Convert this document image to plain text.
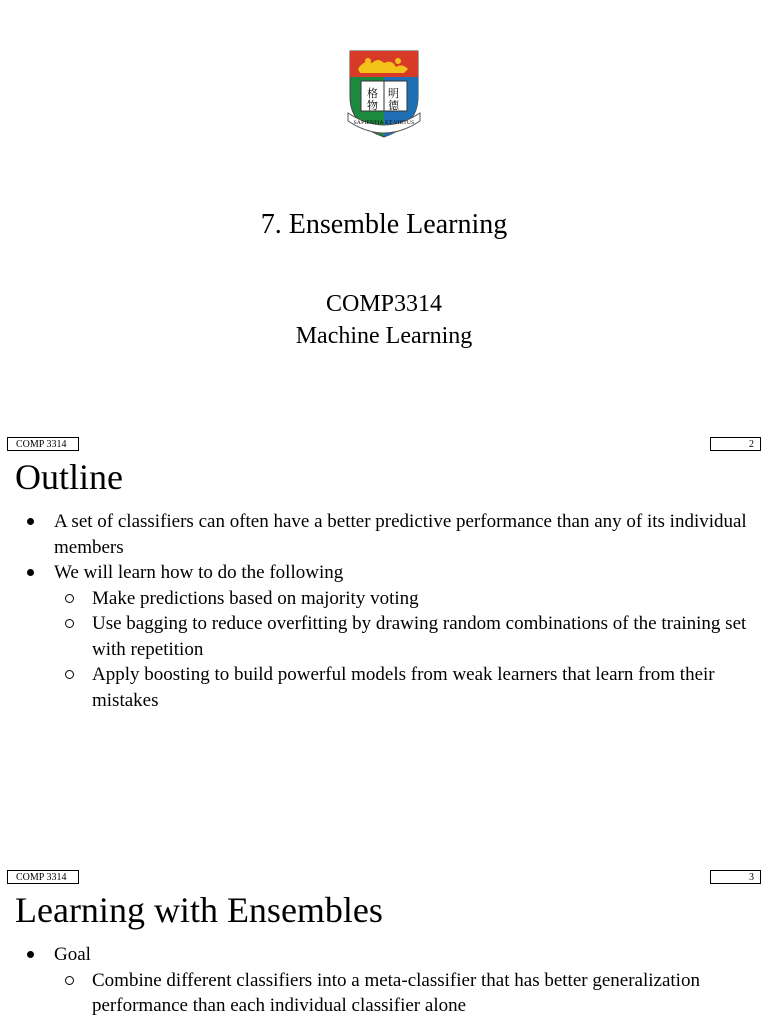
格 明
物 德
SAPIENTIA ET VIRTUS
7. Ensemble Learning
COMP3314
Machine Learning
COMP 3314	2
Outline
A set of classifiers can often have a better predictive performance than any of its individual members
We will learn how to do the following
Make predictions based on majority voting
Use bagging to reduce overfitting by drawing random combinations of the training set with repetition
Apply boosting to build powerful models from weak learners that learn from their mistakes
COMP 3314	3
Learning with Ensembles
Goal
Combine different classifiers into a meta-classifier that has better generalization performance than each individual classifier alone
